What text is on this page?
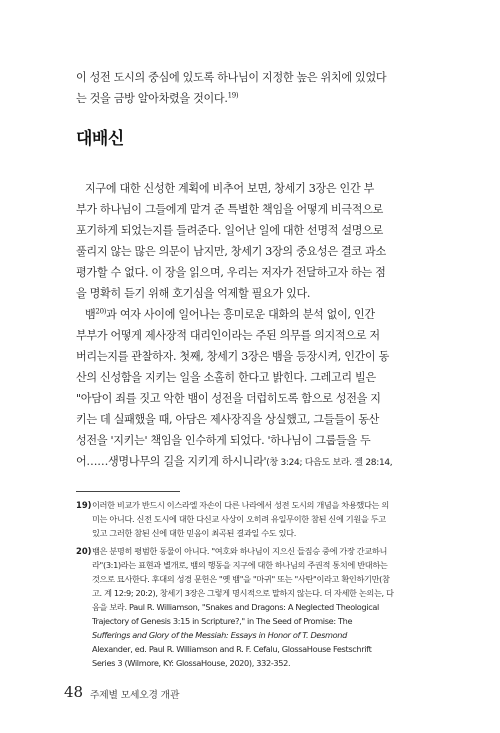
이 성전 도시의 중심에 있도록 하나님이 지정한 높은 위치에 있었다
는 것을 금방 알아차렸을 것이다.$^{19)}$
대배신
지구에 대한 신성한 계획에 비추어 보면, 창세기 3장은 인간 부
부가 하나님이 그들에게 맡겨 준 특별한 책임을 어떻게 비극적으로
포기하게 되었는지를 들려준다. 일어난 일에 대한 선명적 설명으로
풀리지 않는 많은 의문이 남지만, 창세기 3장의 중요성은 결코 과소
평가할 수 없다. 이 장을 읽으며, 우리는 저자가 전달하고자 하는 점
을 명확히 듣기 위해 호기심을 억제할 필요가 있다.
뱀$^{20)}$과 여자 사이에 일어나는 흥미로운 대화의 분석 없이, 인간
부부가 어떻게 제사장적 대리인이라는 주된 의무를 의지적으로 저
버리는지를 관찰하자. 첫째, 창세기 3장은 뱀을 등장시켜, 인간이 동
산의 신성함을 지키는 일을 소홀히 한다고 밝힌다. 그레고리 빌은
"아담이 죄를 짓고 악한 뱀이 성전을 더럽히도록 함으로 성전을 지
키는 데 실패했을 때, 아담은 제사장직을 상실했고, 그들들이 동산
성전을 '지키는' 책임을 인수하게 되었다. '하나님이 그룹들을 두
어……생명나무의 길을 지키게 하시니라'(창 3:24; 다음도 보라. 겔 28:14,
19) 이러한 비교가 반드시 이스라엘 자손이 다른 나라에서 성전 도시의 개념을 차용했다는 의
미는 아니다. 신전 도시에 대한 다신교 사상이 오히려 유일무이한 참된 신에 기원을 두고
있고 그러한 참된 신에 대한 믿음이 최곡된 결과일 수도 있다.
20) 뱀은 분명히 평범한 동물이 아니다. "여호와 하나님이 지으신 들짐승 중에 가장 간교하니
라"(3:1)라는 표현과 별개로, 뱀의 행동을 지구에 대한 하나님의 주권적 통치에 반대하는
것으로 묘사한다. 후대의 성경 문헌은 "옛 뱀"을 "마귀" 또는 "사탄"이라고 확인하기만(참
고. 계 12:9; 20:2), 창세기 3장은 그렇게 명시적으로 말하지 않는다. 더 자세한 논의는, 다
음을 보라. Paul R. Williamson, "Snakes and Dragons: A Neglected Theological
Trajectory of Genesis 3:15 in Scripture?," in The Seed of Promise: The
Sufferings and Glory of the Messiah: Essays in Honor of T. Desmond
Alexander, ed. Paul R. Williamson and R. F. Cefalu, GlossaHouse Festschrift
Series 3 (Wilmore, KY: GlossaHouse, 2020), 332-352.
48 주제별 모세오경 개관
